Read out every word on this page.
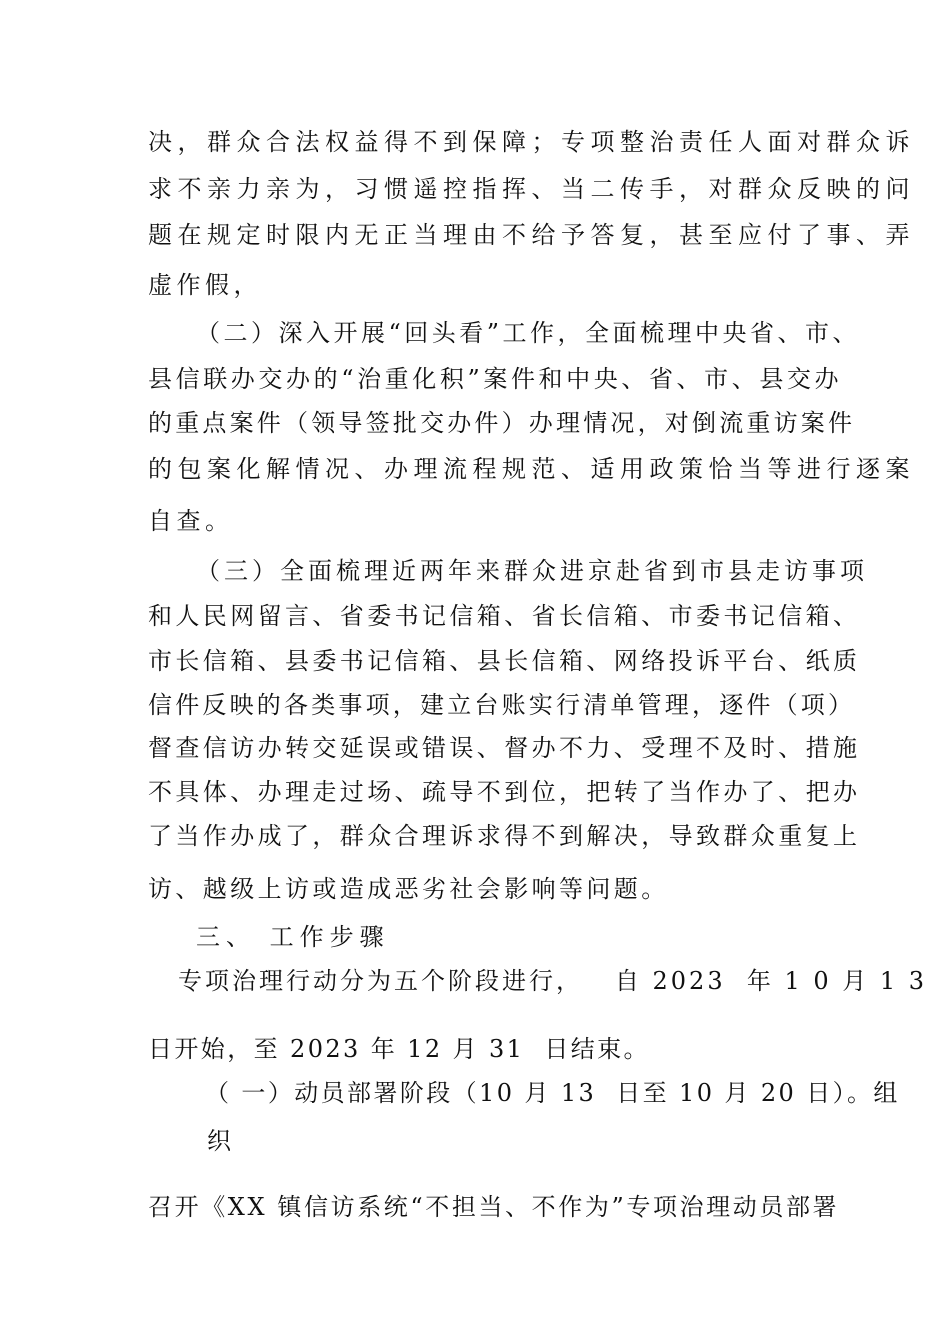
决，群众合法权益得不到保障；专项整治责任人面对群众诉
求不亲力亲为，习惯遥控指挥、当二传手，对群众反映的问
题在规定时限内无正当理由不给予答复，甚至应付了事、弄
虚作假，
（二）深入开展“回头看”工作，全面梳理中央省、市、
县信联办交办的“治重化积”案件和中央、省、市、县交办
的重点案件（领导签批交办件）办理情况，对倒流重访案件
的包案化解情况、办理流程规范、适用政策恰当等进行逐案
自查。
（三）全面梳理近两年来群众进京赴省到市县走访事项
和人民网留言、省委书记信箱、省长信箱、市委书记信箱、
市长信箱、县委书记信箱、县长信箱、网络投诉平台、纸质
信件反映的各类事项，建立台账实行清单管理，逐件（项）
督查信访办转交延误或错误、督办不力、受理不及时、措施
不具体、办理走过场、疏导不到位，把转了当作办了、把办
了当作办成了，群众合理诉求得不到解决，导致群众重复上
访、越级上访或造成恶劣社会影响等问题。
三、 工作步骤
专项治理行动分为五个阶段进行，   自 2023  年 1 0 月 1 3
日开始，至 2023 年 12 月 31  日结束。
（ 一）动员部署阶段（10 月 13  日至 10 月 20 日）。组
织
召开《XX 镇信访系统“不担当、不作为”专项治理动员部署
